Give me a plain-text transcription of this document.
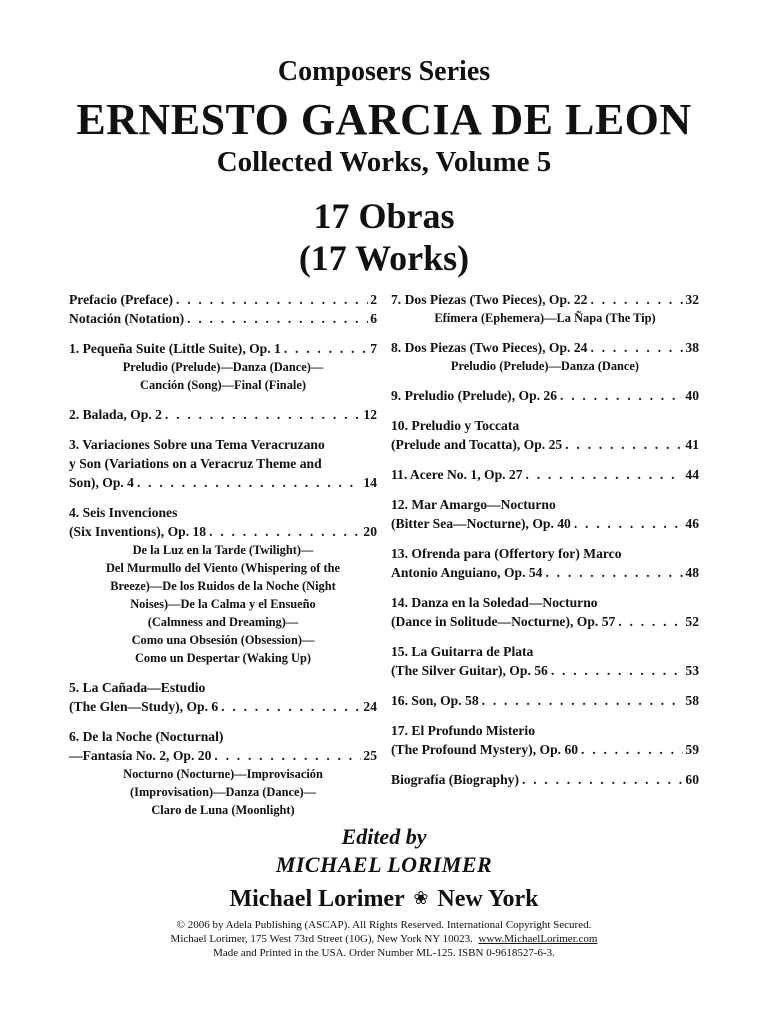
Composers Series
ERNESTO GARCIA DE LEON
Collected Works, Volume 5
17 Obras
(17 Works)
Prefacio (Preface) . . .	2
Notación (Notation) . . .	6
1. Pequeña Suite (Little Suite), Op. 1 . . .	7
Preludio (Prelude)—Danza (Dance)—
Canción (Song)—Final (Finale)
2. Balada, Op. 2 . . .	12
3. Variaciones Sobre una Tema Veracruzano
y Son (Variations on a Veracruz Theme and
Son), Op. 4 . . .	14
4. Seis Invenciones
(Six Inventions), Op. 18 . . .	20
De la Luz en la Tarde (Twilight)—
Del Murmullo del Viento (Whispering of the
Breeze)—De los Ruidos de la Noche (Night
Noises)—De la Calma y el Ensueño
(Calmness and Dreaming)—
Como una Obsesión (Obsession)—
Como un Despertar (Waking Up)
5. La Cañada—Estudio
(The Glen—Study), Op. 6 . . .	24
6. De la Noche (Nocturnal)
—Fantasía No. 2, Op. 20 . . .	25
Nocturno (Nocturne)—Improvisación
(Improvisation)—Danza (Dance)—
Claro de Luna (Moonlight)
7. Dos Piezas (Two Pieces), Op. 22 . . .	32
Efímera (Ephemera)—La Ñapa (The Tip)
8. Dos Piezas (Two Pieces), Op. 24 . . .	38
Preludio (Prelude)—Danza (Dance)
9. Preludio (Prelude), Op. 26 . . .	40
10. Preludio y Toccata
(Prelude and Tocatta), Op. 25 . . .	41
11. Acere No. 1, Op. 27 . . .	44
12. Mar Amargo—Nocturno
(Bitter Sea—Nocturne), Op. 40 . . .	46
13. Ofrenda para (Offertory for) Marco
Antonio Anguiano, Op. 54 . . .	48
14. Danza en la Soledad—Nocturno
(Dance in Solitude—Nocturne), Op. 57 . . .	52
15. La Guitarra de Plata
(The Silver Guitar), Op. 56 . . .	53
16. Son, Op. 58 . . .	58
17. El Profundo Misterio
(The Profound Mystery), Op. 60 . . .	59
Biografía (Biography) . . .	60
Edited by
MICHAEL LORIMER
Michael Lorimer ❀ New York
© 2006 by Adela Publishing (ASCAP). All Rights Reserved. International Copyright Secured.
Michael Lorimer, 175 West 73rd Street (10G), New York NY 10023. www.MichaelLorimer.com
Made and Printed in the USA. Order Number ML-125. ISBN 0-9618527-6-3.
